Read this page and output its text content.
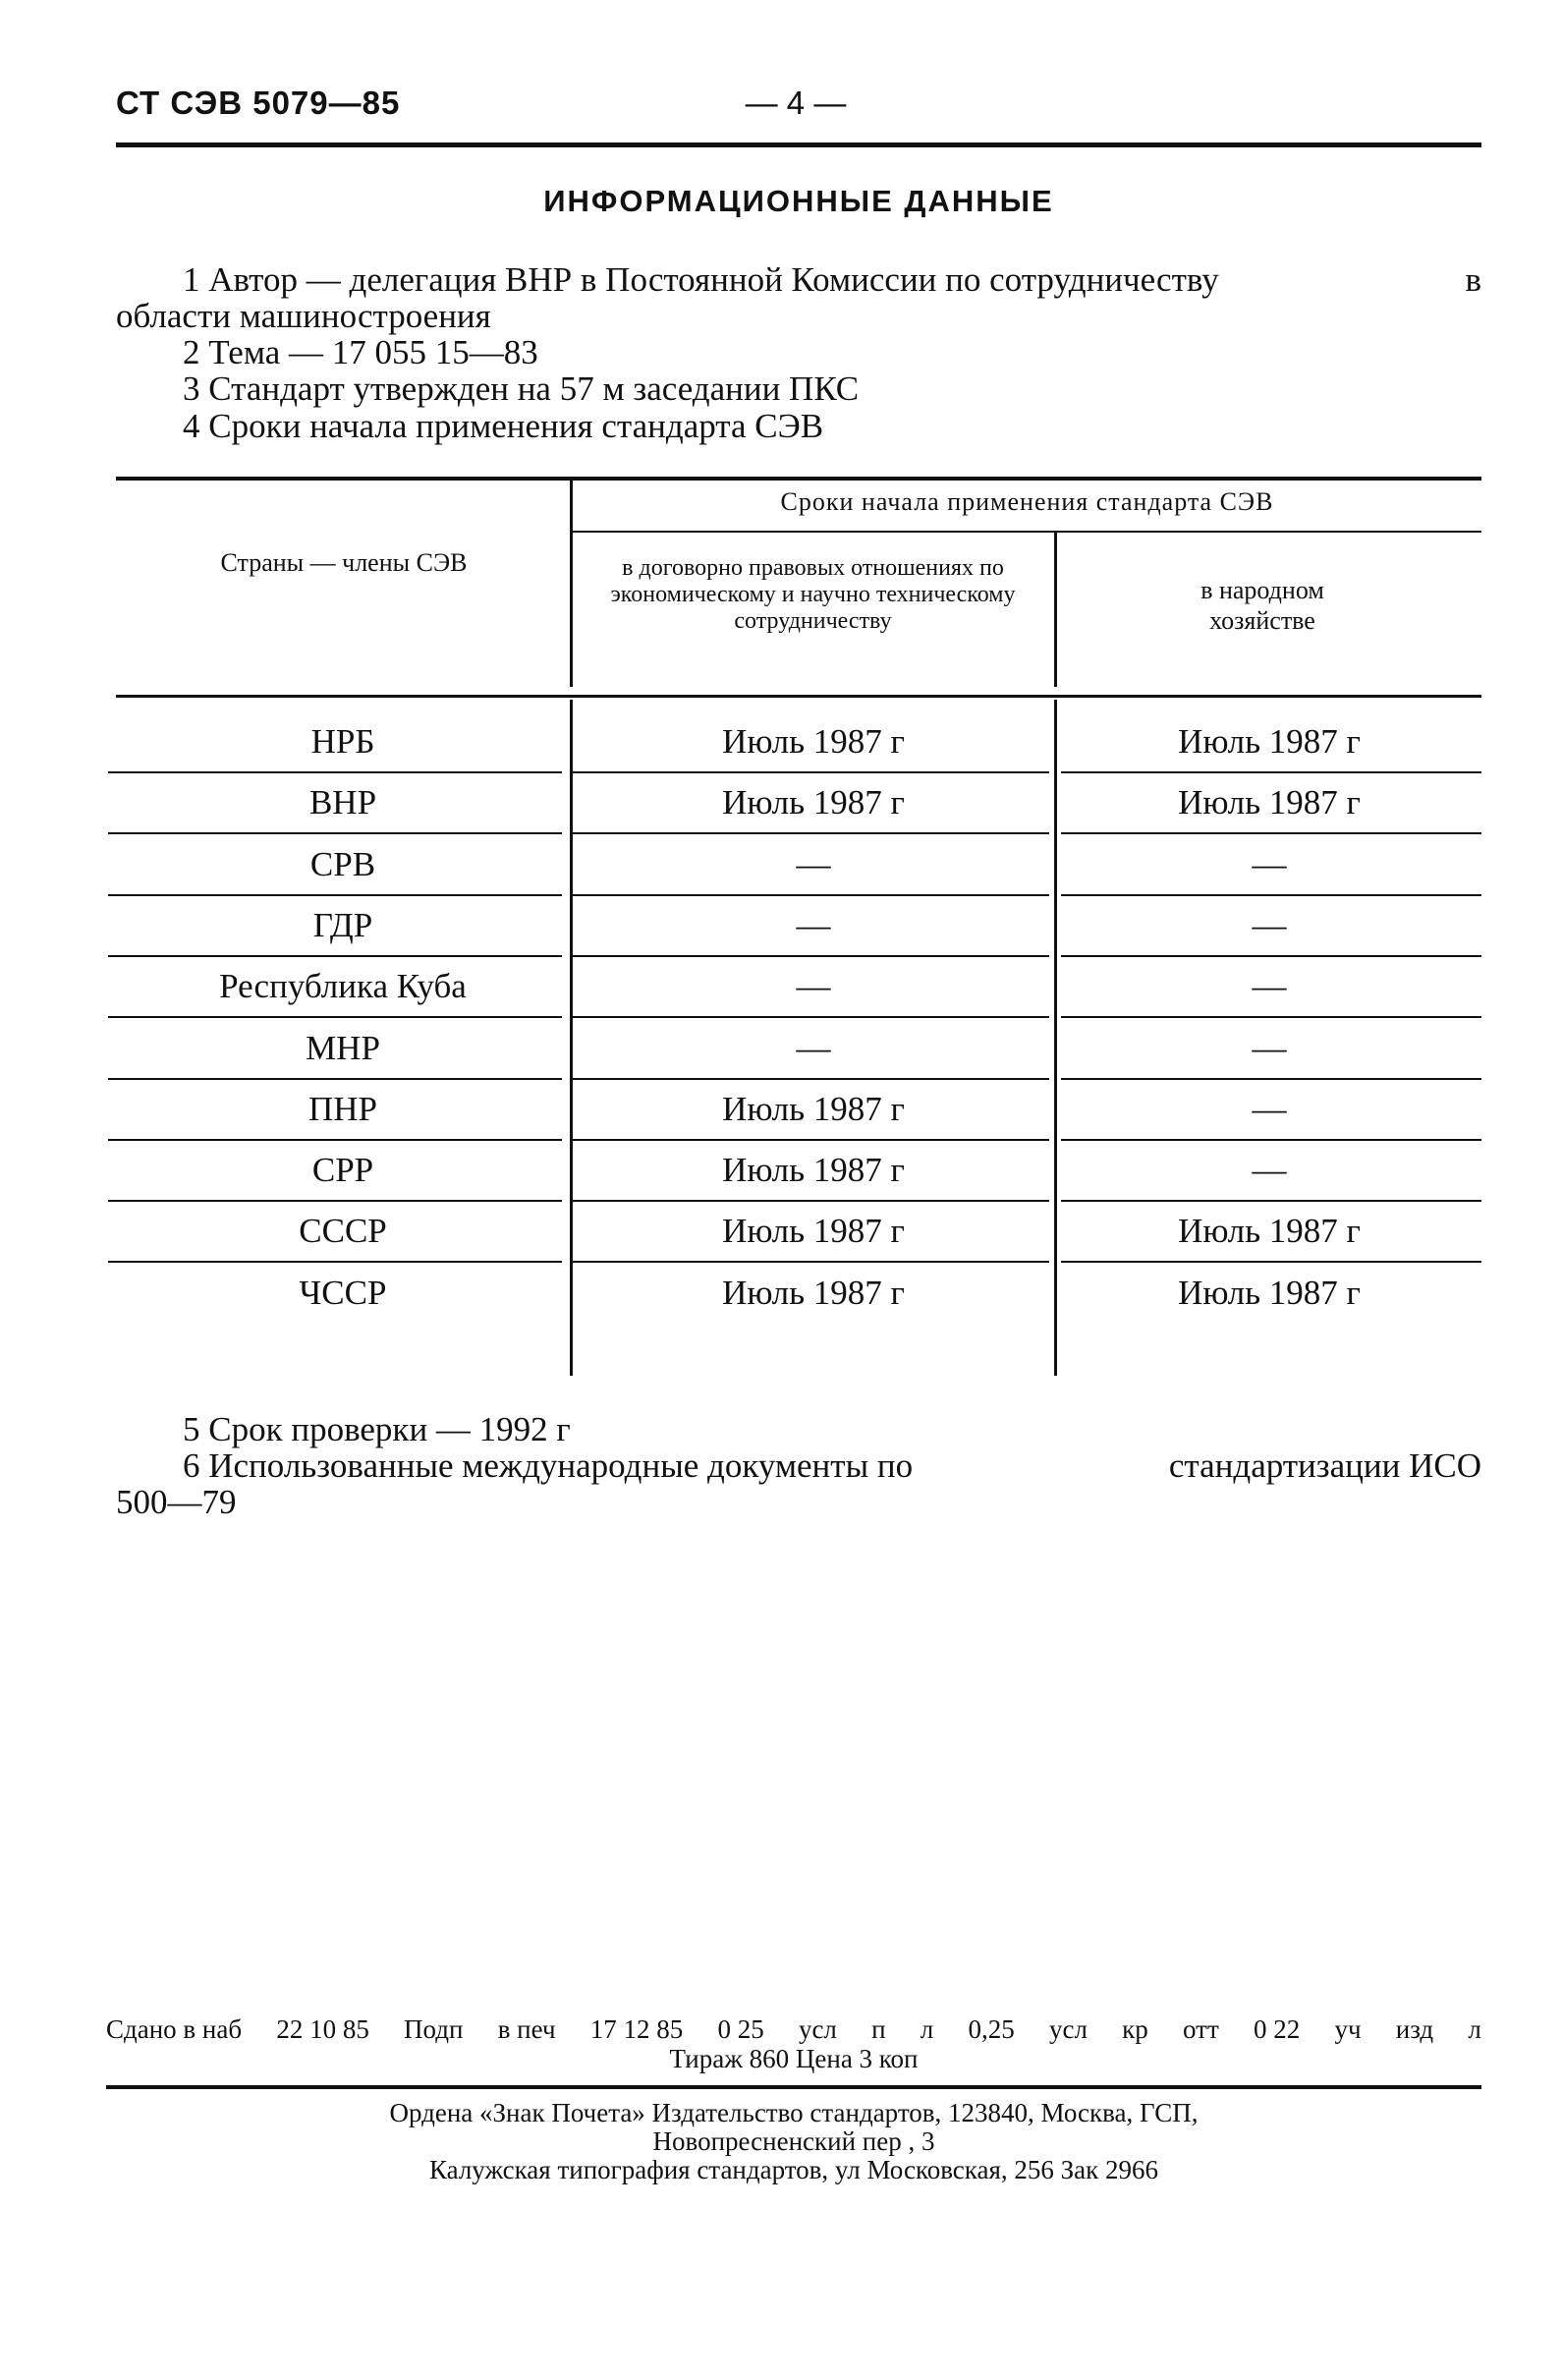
СТ СЭВ 5079—85	— 4 —
ИНФОРМАЦИОННЫЕ ДАННЫЕ
1 Автор — делегация ВНР в Постоянной Комиссии по сотрудничеству	в
области машиностроения
2 Тема — 17 055 15—83
3 Стандарт утвержден на 57 м заседании ПКС
4 Сроки начала применения стандарта СЭВ
Страны — члены СЭВ
Сроки начала применения стандарта СЭВ
в договорно правовых отношениях по экономическому и научно техническому сотрудничеству
в народном хозяйстве
НРБ	Июль 1987 г	Июль 1987 г
ВНР	Июль 1987 г	Июль 1987 г
СРВ	—	—
ГДР	—	—
Республика Куба	—	—
МНР	—	—
ПНР	Июль 1987 г	—
СРР	Июль 1987 г	—
СССР	Июль 1987 г	Июль 1987 г
ЧССР	Июль 1987 г	Июль 1987 г
5 Срок проверки — 1992 г
6 Использованные международные документы по	стандартизации ИСО
500—79
Сдано в наб 22 10 85 Подп в печ 17 12 85 0 25 усл п л 0,25 усл кр отт 0 22 уч изд л
Тираж 860 Цена 3 коп
Ордена «Знак Почета» Издательство стандартов, 123840, Москва, ГСП,
Новопресненский пер , 3
Калужская типография стандартов, ул Московская, 256 Зак 2966
